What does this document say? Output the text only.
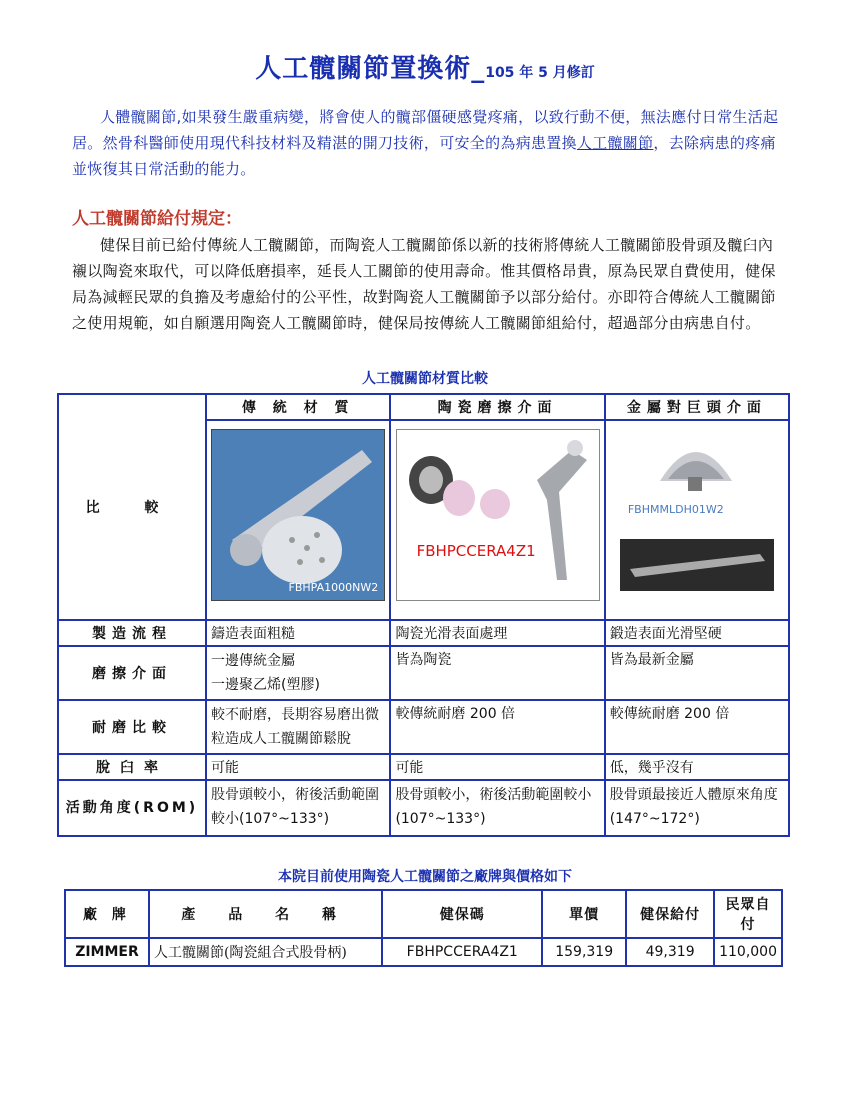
人工髖關節置換術_105 年 5 月修訂

人體髖關節,如果發生嚴重病變，將會使人的髖部僵硬感覺疼痛，以致行動不便，無法應付日常生活起居。然骨科醫師使用現代科技材料及精湛的開刀技術，可安全的為病患置換人工髖關節，去除病患的疼痛並恢復其日常活動的能力。

人工髖關節給付規定：

健保目前已給付傳統人工髖關節，而陶瓷人工髖關節係以新的技術將傳統人工髖關節股骨頭及髖臼內襯以陶瓷來取代，可以降低磨損率，延長人工關節的使用壽命。惟其價格昂貴，原為民眾自費使用，健保局為減輕民眾的負擔及考慮給付的公平性，故對陶瓷人工髖關節予以部分給付。亦即符合傳統人工髖關節之使用規範，如自願選用陶瓷人工髖關節時，健保局按傳統人工髖關節組給付，超過部分由病患自付。

人工髖關節材質比較
比 較	傳 統 材 質	陶瓷磨擦介面	金屬對巨頭介面

	FBHPA1000NW2	FBHPCCERA4Z1	FBHMMLDH01W2

製造流程	鑄造表面粗糙	陶瓷光滑表面處理	鍛造表面光滑堅硬
磨擦介面	一邊傳統金屬
一邊聚乙烯(塑膠)	皆為陶瓷	皆為最新金屬
耐磨比較	較不耐磨，長期容易磨出微粒造成人工髖關節鬆脫	較傳統耐磨 200 倍	較傳統耐磨 200 倍
脫臼率	可能	可能	低，幾乎沒有
活動角度(ROM)	股骨頭較小，術後活動範圍較小(107°~133°)	股骨頭較小，術後活動範圍較小(107°~133°)	股骨頭最接近人體原來角度(147°~172°)
本院目前使用陶瓷人工髖關節之廠牌與價格如下
廠 牌	產 品 名 稱	健保碼	單價	健保給付	民眾自付
ZIMMER	人工髖關節(陶瓷組合式股骨柄)	FBHPCCERA4Z1	159,319	49,319	110,000
